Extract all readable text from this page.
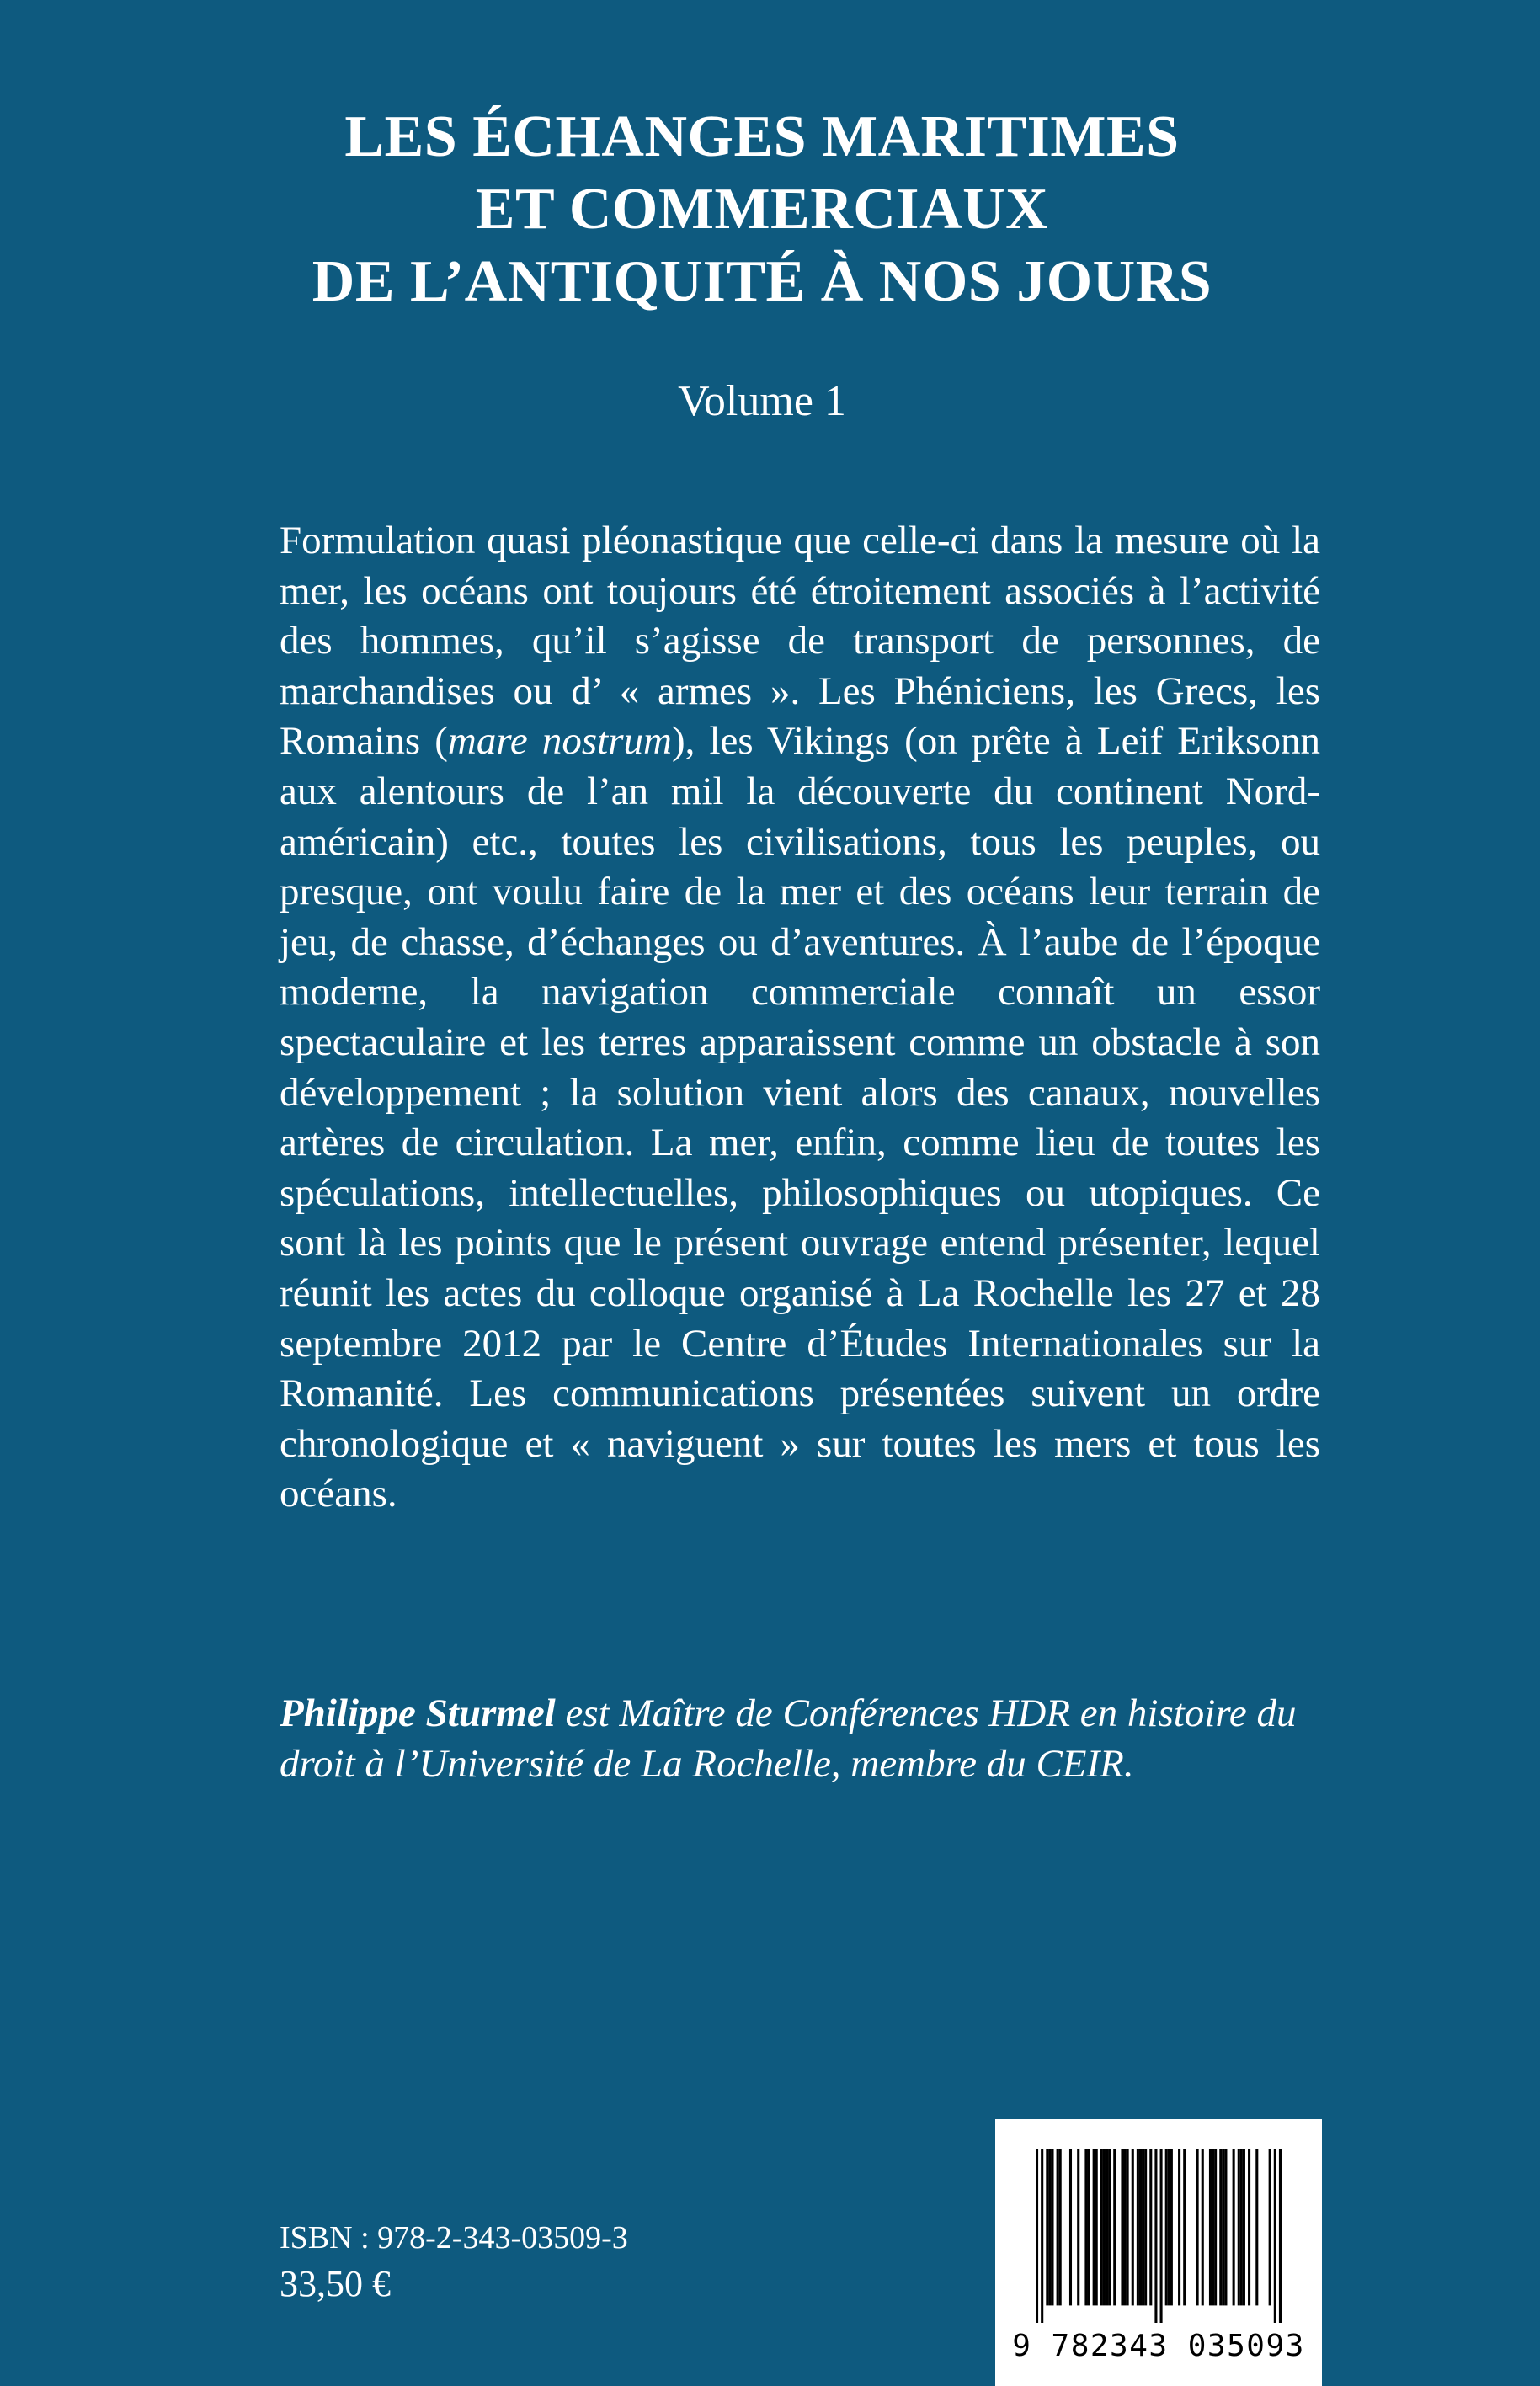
LES ÉCHANGES MARITIMES
ET COMMERCIAUX
DE L’ANTIQUITÉ À NOS JOURS
Volume 1

Formulation quasi pléonastique que celle-ci dans la mesure où la mer, les océans ont toujours été étroitement associés à l’activité des hommes, qu’il s’agisse de transport de personnes, de marchandises ou d’ « armes ». Les Phéniciens, les Grecs, les Romains (mare nostrum), les Vikings (on prête à Leif Eriksonn aux alentours de l’an mil la découverte du continent Nord-américain) etc., toutes les civilisations, tous les peuples, ou presque, ont voulu faire de la mer et des océans leur terrain de jeu, de chasse, d’échanges ou d’aventures. À l’aube de l’époque moderne, la navigation commerciale connaît un essor spectaculaire et les terres apparaissent comme un obstacle à son développement ; la solution vient alors des canaux, nouvelles artères de circulation. La mer, enfin, comme lieu de toutes les spéculations, intellectuelles, philosophiques ou utopiques. Ce sont là les points que le présent ouvrage entend présenter, lequel réunit les actes du colloque organisé à La Rochelle les 27 et 28 septembre 2012 par le Centre d’Études Internationales sur la Romanité. Les communications présentées suivent un ordre chronologique et « naviguent » sur toutes les mers et tous les océans.

Philippe Sturmel est Maître de Conférences HDR en histoire du droit à l’Université de La Rochelle, membre du CEIR.

ISBN : 978-2-343-03509-3
33,50 €
9 782343 035093
